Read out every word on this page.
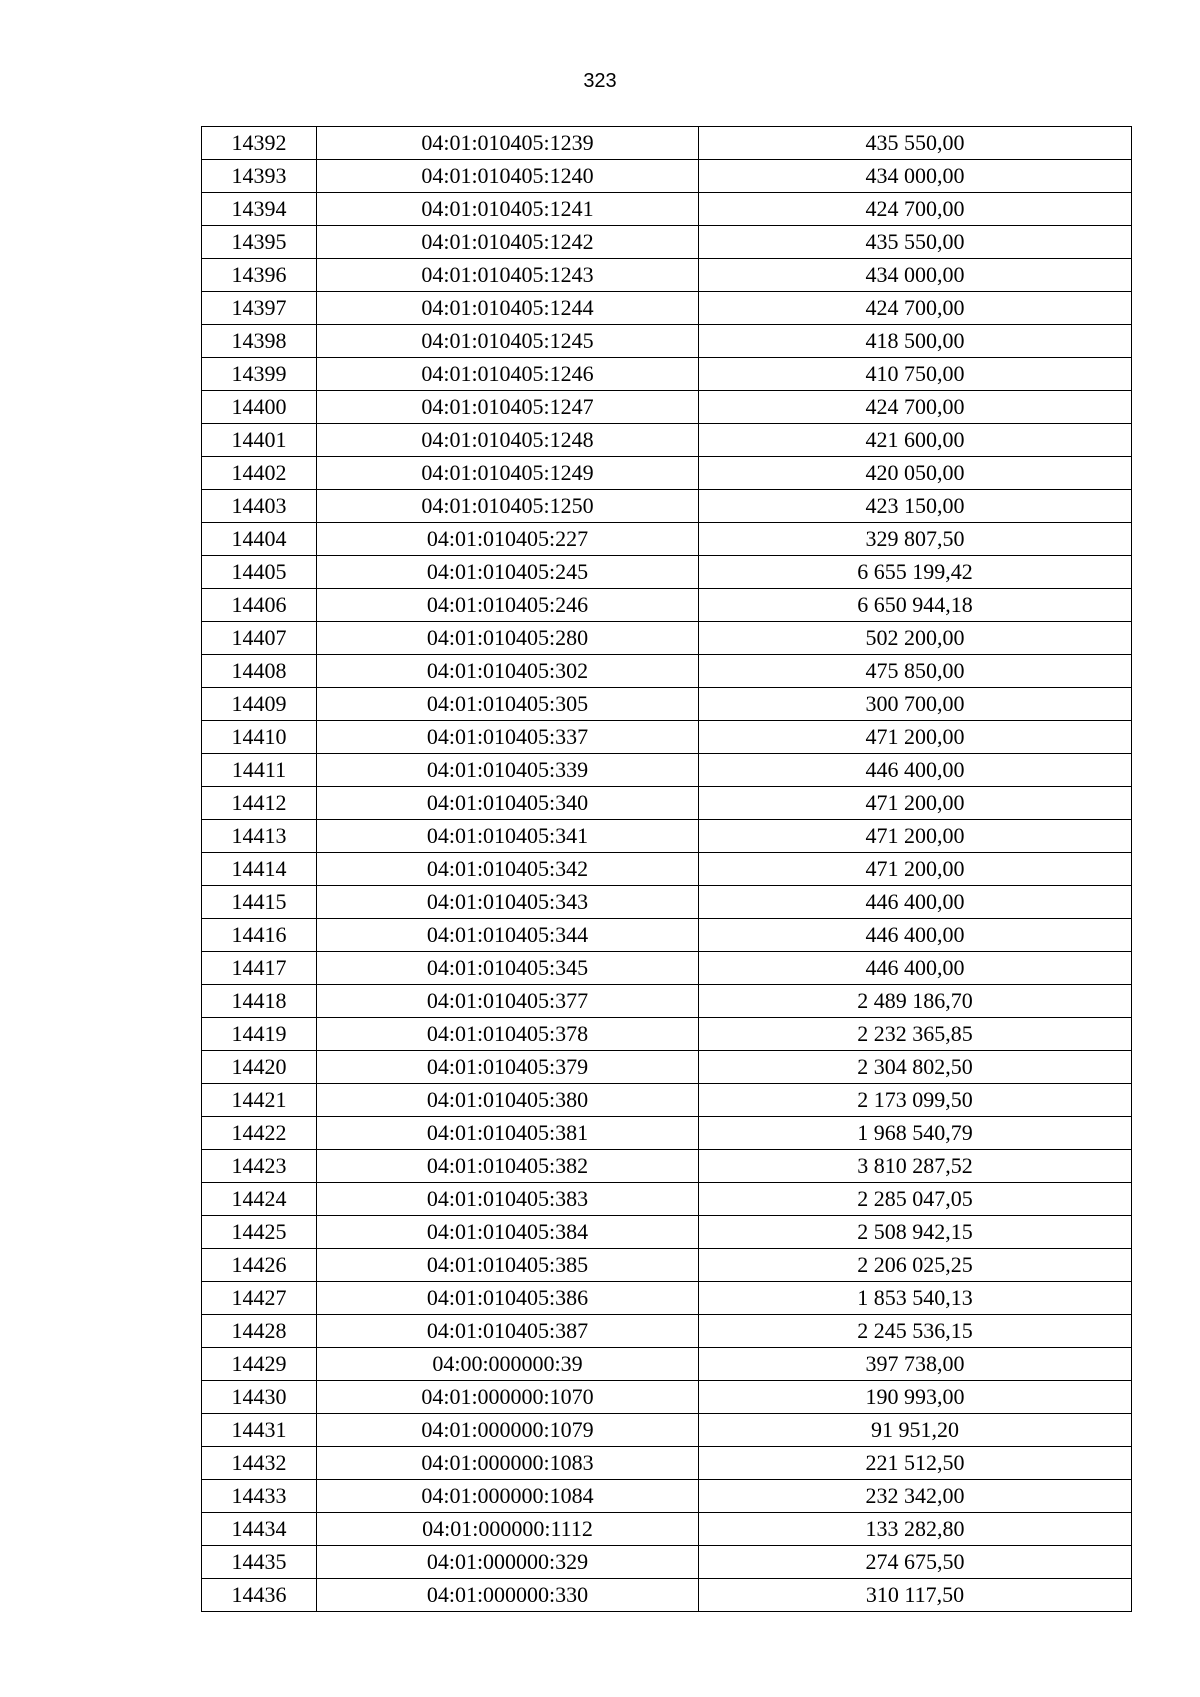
323
14392	04:01:010405:1239	435 550,00
14393	04:01:010405:1240	434 000,00
14394	04:01:010405:1241	424 700,00
14395	04:01:010405:1242	435 550,00
14396	04:01:010405:1243	434 000,00
14397	04:01:010405:1244	424 700,00
14398	04:01:010405:1245	418 500,00
14399	04:01:010405:1246	410 750,00
14400	04:01:010405:1247	424 700,00
14401	04:01:010405:1248	421 600,00
14402	04:01:010405:1249	420 050,00
14403	04:01:010405:1250	423 150,00
14404	04:01:010405:227	329 807,50
14405	04:01:010405:245	6 655 199,42
14406	04:01:010405:246	6 650 944,18
14407	04:01:010405:280	502 200,00
14408	04:01:010405:302	475 850,00
14409	04:01:010405:305	300 700,00
14410	04:01:010405:337	471 200,00
14411	04:01:010405:339	446 400,00
14412	04:01:010405:340	471 200,00
14413	04:01:010405:341	471 200,00
14414	04:01:010405:342	471 200,00
14415	04:01:010405:343	446 400,00
14416	04:01:010405:344	446 400,00
14417	04:01:010405:345	446 400,00
14418	04:01:010405:377	2 489 186,70
14419	04:01:010405:378	2 232 365,85
14420	04:01:010405:379	2 304 802,50
14421	04:01:010405:380	2 173 099,50
14422	04:01:010405:381	1 968 540,79
14423	04:01:010405:382	3 810 287,52
14424	04:01:010405:383	2 285 047,05
14425	04:01:010405:384	2 508 942,15
14426	04:01:010405:385	2 206 025,25
14427	04:01:010405:386	1 853 540,13
14428	04:01:010405:387	2 245 536,15
14429	04:00:000000:39	397 738,00
14430	04:01:000000:1070	190 993,00
14431	04:01:000000:1079	91 951,20
14432	04:01:000000:1083	221 512,50
14433	04:01:000000:1084	232 342,00
14434	04:01:000000:1112	133 282,80
14435	04:01:000000:329	274 675,50
14436	04:01:000000:330	310 117,50
